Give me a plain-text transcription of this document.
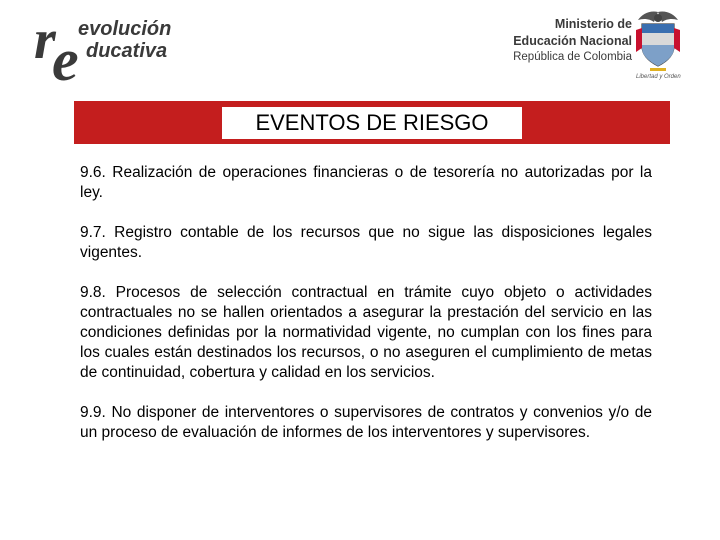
r
e evolución
ducativa
Ministerio de
Educación Nacional
República de Colombia
Libertad y Orden
EVENTOS DE RIESGO

9.6. Realización de operaciones financieras o de tesorería no autorizadas por la ley.

9.7. Registro contable de los recursos que no sigue las disposiciones legales vigentes.

9.8. Procesos de selección contractual en trámite cuyo objeto o actividades contractuales no se hallen orientados a asegurar la prestación del servicio en las condiciones definidas por la normatividad vigente, no cumplan con los fines para los cuales están destinados los recursos, o no aseguren el cumplimiento de metas de continuidad, cobertura y calidad en los servicios.

9.9. No disponer de interventores o supervisores de contratos y convenios y/o de un proceso de evaluación de informes de los interventores y supervisores.
